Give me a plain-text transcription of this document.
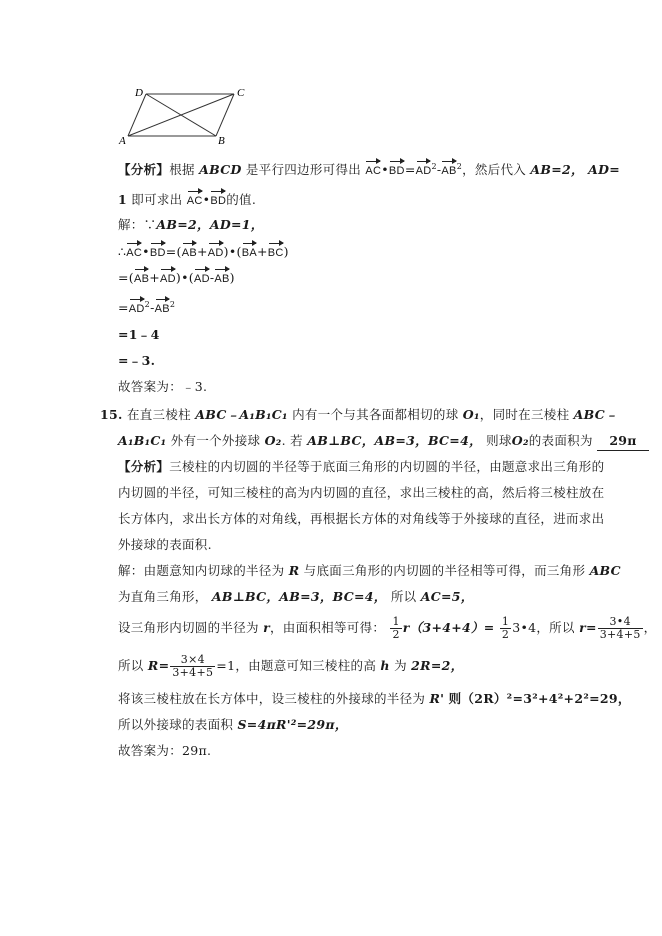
D	C
A	B
【分析】根据 ABCD 是平行四边形可得出 $AC•BD=AD^2-AB^2$，然后代入 AB=2， AD=
1 即可求出 AC•BD的值.
解：∵AB=2，AD=1，
∴AC•BD=(AB+AD)•(BA+BC)
=(AB+AD)•(AD-AB)
$=AD^2-AB^2$
=1﹣4
=﹣3.
故答案为：﹣3.
15. 在直三棱柱 ABC﹣A₁B₁C₁ 内有一个与其各面都相切的球 O₁，同时在三棱柱 ABC﹣
A₁B₁C₁ 外有一个外接球 O₂. 若 AB⊥BC，AB=3，BC=4， 则球O₂的表面积为 29π
【分析】三棱柱的内切圆的半径等于底面三角形的内切圆的半径，由题意求出三角形的
内切圆的半径，可知三棱柱的高为内切圆的直径，求出三棱柱的高，然后将三棱柱放在
长方体内，求出长方体的对角线，再根据长方体的对角线等于外接球的直径，进而求出
外接球的表面积.
解：由题意知内切球的半径为 R 与底面三角形的内切圆的半径相等可得，而三角形 ABC
为直角三角形， AB⊥BC，AB=3，BC=4， 所以 AC=5，
设三角形内切圆的半径为 r，由面积相等可得： $\frac{1}{2} r(3+4+4)= \frac{1}{2}$ 3•4，所以 $r= \frac{3•4}{3+4+5}$ ，
所以 $R= \frac{3\times 4}{3+4+5} =1$，由题意可知三棱柱的高 h 为 2R=2，
将该三棱柱放在长方体中，设三棱柱的外接球的半径为 R' 则（2R）²=3²+4²+2²=29，
所以外接球的表面积 S=4πR'²=29π，
故答案为：29π.
